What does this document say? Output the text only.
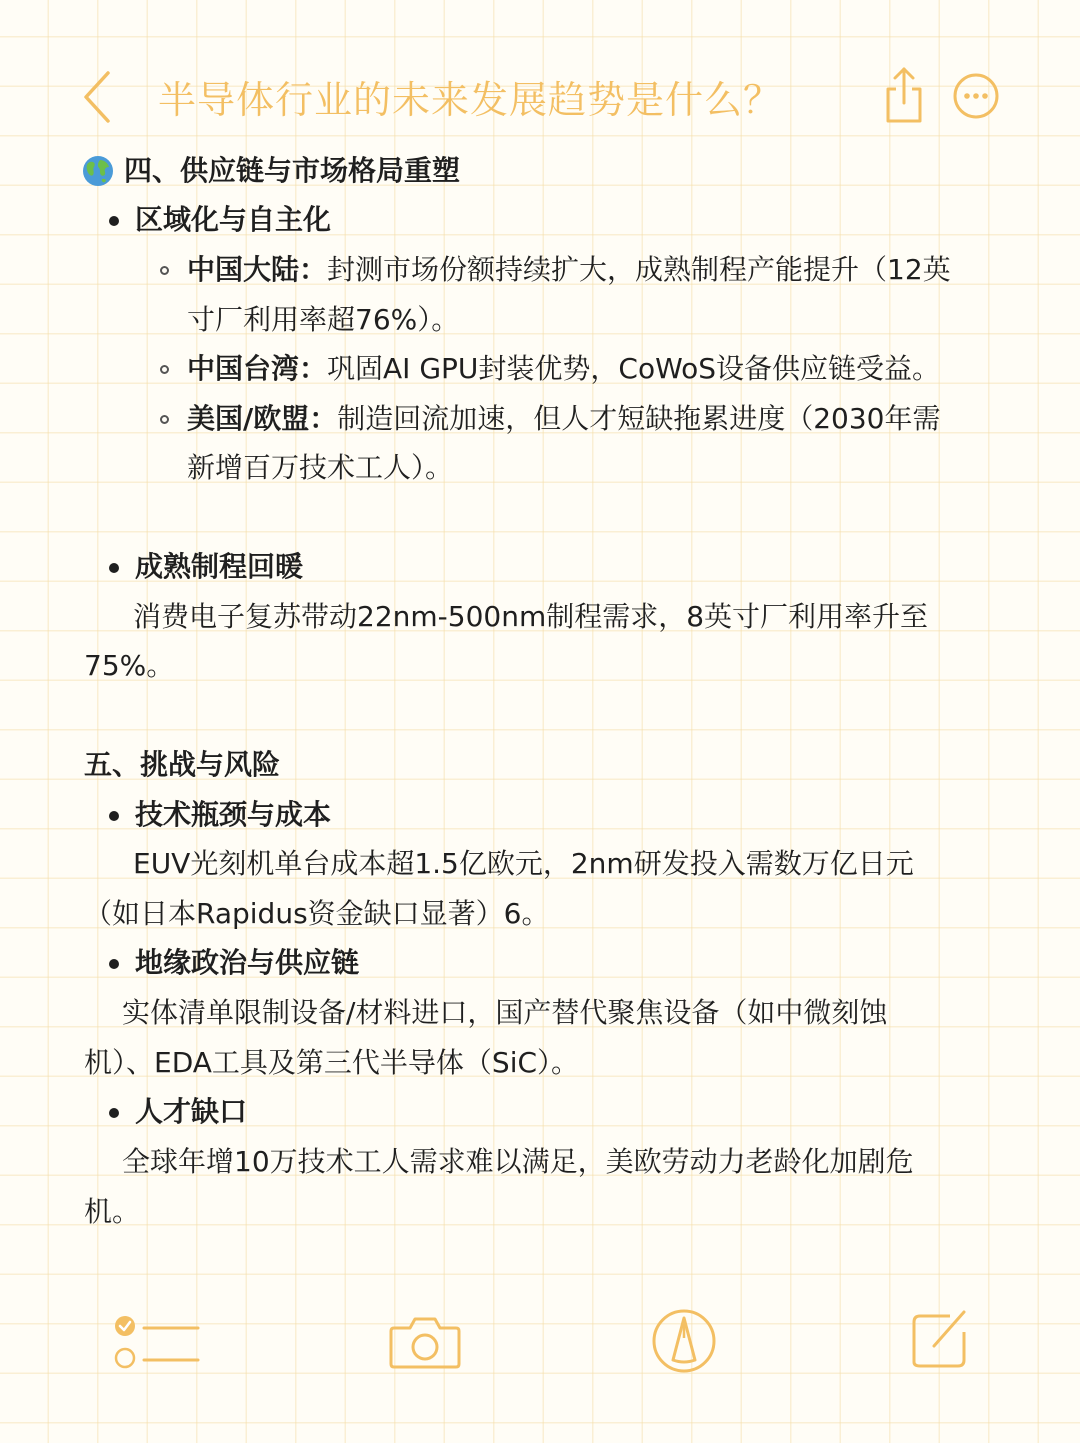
半导体行业的未来发展趋势是什么？
四、供应链与市场格局重塑
区域化与自主化
中国大陆：封测市场份额持续扩大，成熟制程产能提升（12英
寸厂利用率超76%）。
中国台湾：巩固AI GPU封装优势，CoWoS设备供应链受益。
美国/欧盟：制造回流加速，但人才短缺拖累进度（2030年需
新增百万技术工人）。
成熟制程回暖
消费电子复苏带动22nm-500nm制程需求，8英寸厂利用率升至
75%。
五、挑战与风险
技术瓶颈与成本
EUV光刻机单台成本超1.5亿欧元，2nm研发投入需数万亿日元
（如日本Rapidus资金缺口显著）6。
地缘政治与供应链
实体清单限制设备/材料进口，国产替代聚焦设备（如中微刻蚀
机）、EDA工具及第三代半导体（SiC）。
人才缺口
全球年增10万技术工人需求难以满足，美欧劳动力老龄化加剧危
机。
